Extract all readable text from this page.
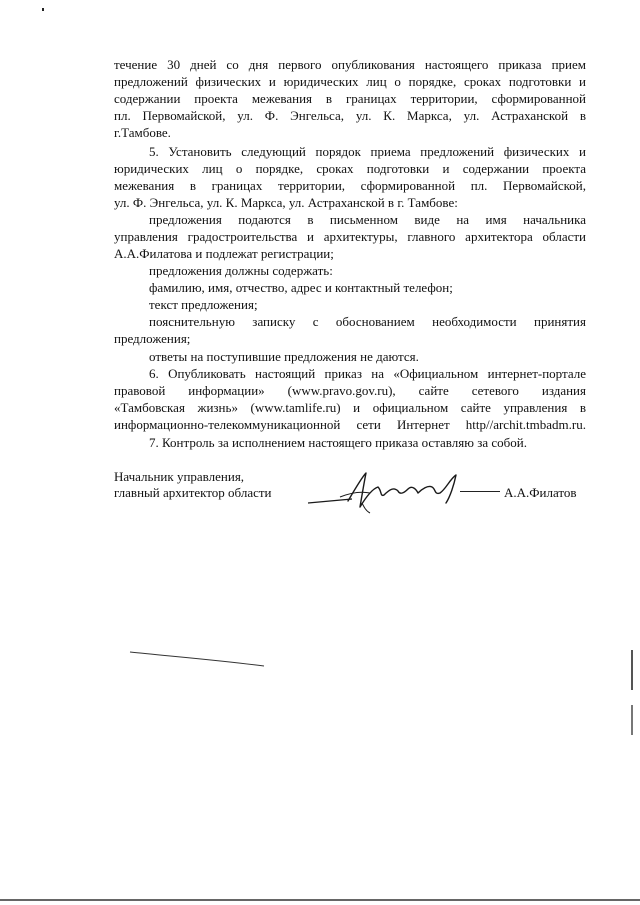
течение 30 дней со дня первого опубликования настоящего приказа прием
предложений физических и юридических лиц о порядке, сроках подготовки и
содержании проекта межевания в границах территории, сформированной
пл. Первомайской, ул. Ф. Энгельса, ул. К. Маркса, ул. Астраханской в
г.Тамбове.
5. Установить следующий порядок приема предложений физических и
юридических лиц о порядке, сроках подготовки и содержании проекта
межевания в границах территории, сформированной пл. Первомайской,
ул. Ф. Энгельса, ул. К. Маркса, ул. Астраханской в г. Тамбове:
предложения подаются в письменном виде на имя начальника
управления градостроительства и архитектуры, главного архитектора области
А.А.Филатова и подлежат регистрации;
предложения должны содержать:
фамилию, имя, отчество, адрес и контактный телефон;
текст предложения;
пояснительную записку с обоснованием необходимости принятия
предложения;
ответы на поступившие предложения не даются.
6. Опубликовать настоящий приказ на «Официальном интернет-портале
правовой информации» (www.pravo.gov.ru), сайте сетевого издания
«Тамбовская жизнь» (www.tamlife.ru) и официальном сайте управления в
информационно-телекоммуникационной сети Интернет http//archit.tmbadm.ru.
7. Контроль за исполнением настоящего приказа оставляю за собой.
Начальник управления,
главный архитектор области	А.А.Филатов
